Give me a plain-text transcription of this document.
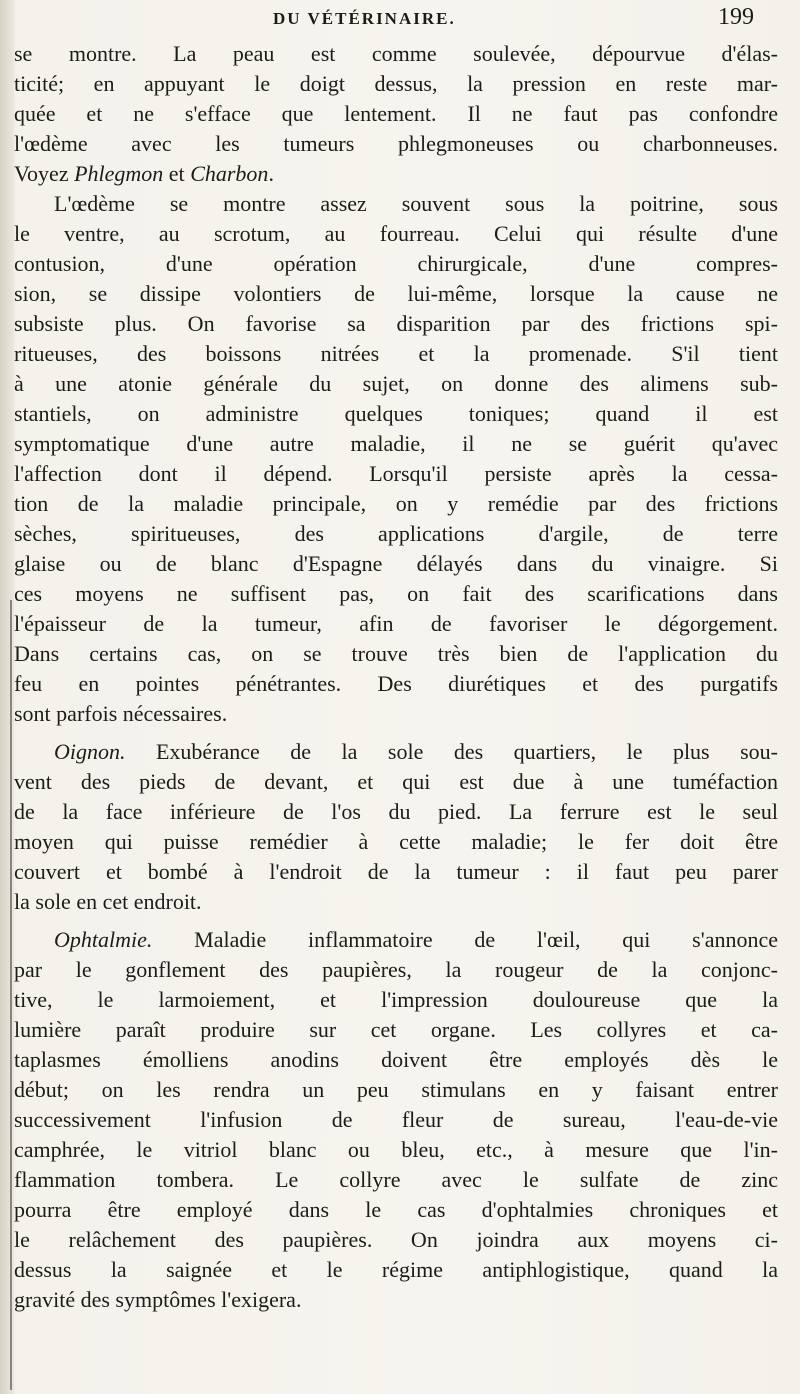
DU VÉTÉRINAIRE.	199
se montre. La peau est comme soulevée, dépourvue d'élas-
ticité; en appuyant le doigt dessus, la pression en reste mar-
quée et ne s'efface que lentement. Il ne faut pas confondre
l'œdème avec les tumeurs phlegmoneuses ou charbonneuses.
Voyez Phlegmon et Charbon.
L'œdème se montre assez souvent sous la poitrine, sous
le ventre, au scrotum, au fourreau. Celui qui résulte d'une
contusion, d'une opération chirurgicale, d'une compres-
sion, se dissipe volontiers de lui-même, lorsque la cause ne
subsiste plus. On favorise sa disparition par des frictions spi-
ritueuses, des boissons nitrées et la promenade. S'il tient
à une atonie générale du sujet, on donne des alimens sub-
stantiels, on administre quelques toniques; quand il est
symptomatique d'une autre maladie, il ne se guérit qu'avec
l'affection dont il dépend. Lorsqu'il persiste après la cessa-
tion de la maladie principale, on y remédie par des frictions
sèches, spiritueuses, des applications d'argile, de terre
glaise ou de blanc d'Espagne délayés dans du vinaigre. Si
ces moyens ne suffisent pas, on fait des scarifications dans
l'épaisseur de la tumeur, afin de favoriser le dégorgement.
Dans certains cas, on se trouve très bien de l'application du
feu en pointes pénétrantes. Des diurétiques et des purgatifs
sont parfois nécessaires.
Oignon. Exubérance de la sole des quartiers, le plus sou-
vent des pieds de devant, et qui est due à une tuméfaction
de la face inférieure de l'os du pied. La ferrure est le seul
moyen qui puisse remédier à cette maladie; le fer doit être
couvert et bombé à l'endroit de la tumeur : il faut peu parer
la sole en cet endroit.
Ophtalmie. Maladie inflammatoire de l'œil, qui s'annonce
par le gonflement des paupières, la rougeur de la conjonc-
tive, le larmoiement, et l'impression douloureuse que la
lumière paraît produire sur cet organe. Les collyres et ca-
taplasmes émolliens anodins doivent être employés dès le
début; on les rendra un peu stimulans en y faisant entrer
successivement l'infusion de fleur de sureau, l'eau-de-vie
camphrée, le vitriol blanc ou bleu, etc., à mesure que l'in-
flammation tombera. Le collyre avec le sulfate de zinc
pourra être employé dans le cas d'ophtalmies chroniques et
le relâchement des paupières. On joindra aux moyens ci-
dessus la saignée et le régime antiphlogistique, quand la
gravité des symptômes l'exigera.
